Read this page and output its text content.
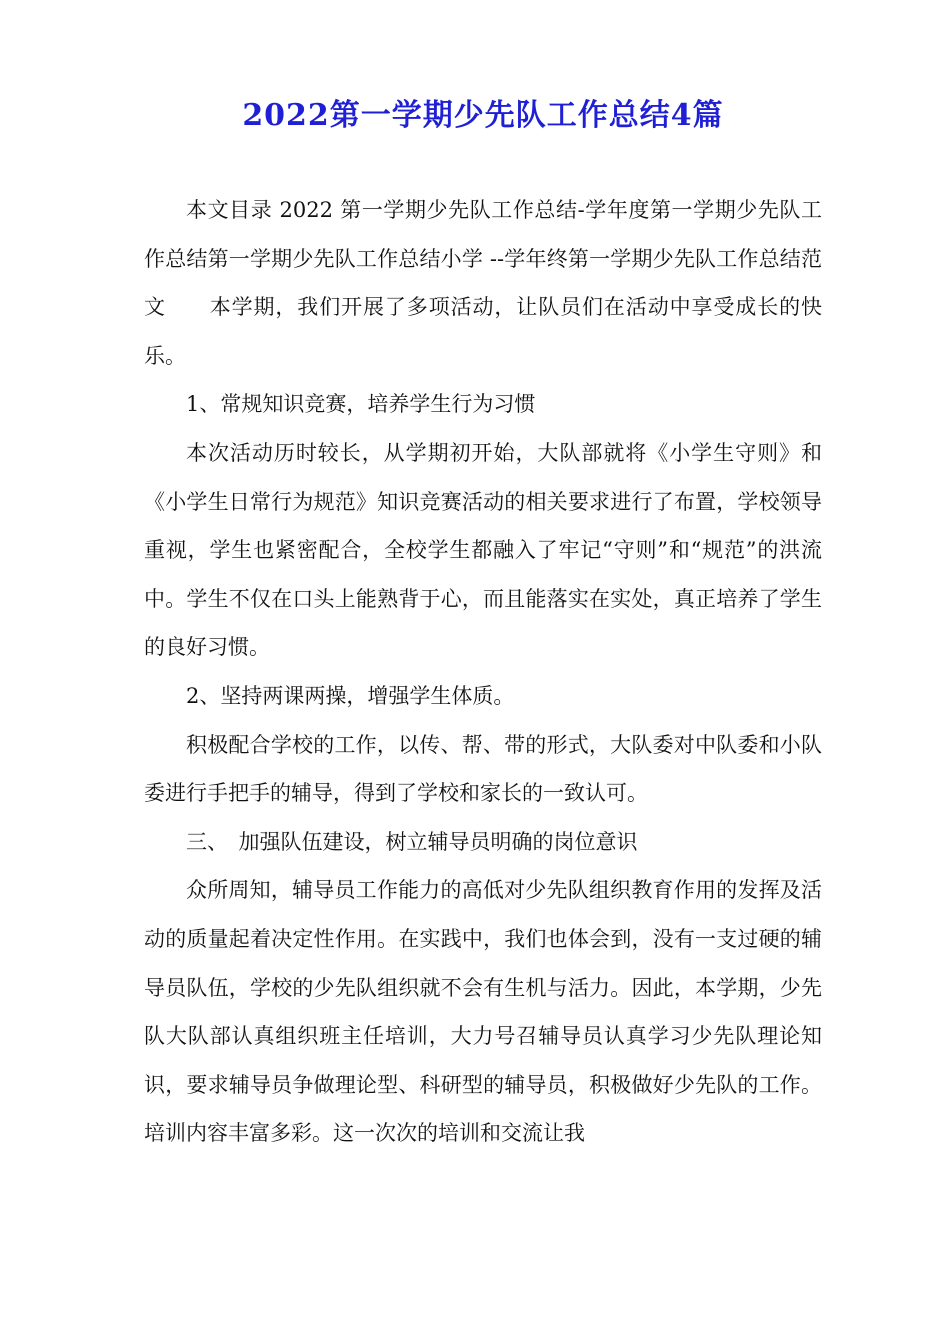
2022第一学期少先队工作总结4篇

本文目录 2022 第一学期少先队工作总结-学年度第一学期少先队工作总结第一学期少先队工作总结小学 --学年终第一学期少先队工作总结范文　　本学期，我们开展了多项活动，让队员们在活动中享受成长的快乐。

1、常规知识竞赛，培养学生行为习惯

本次活动历时较长，从学期初开始，大队部就将《小学生守则》和《小学生日常行为规范》知识竞赛活动的相关要求进行了布置，学校领导重视，学生也紧密配合，全校学生都融入了牢记“守则”和“规范”的洪流中。学生不仅在口头上能熟背于心，而且能落实在实处，真正培养了学生的良好习惯。

2、坚持两课两操，增强学生体质。

积极配合学校的工作，以传、帮、带的形式，大队委对中队委和小队委进行手把手的辅导，得到了学校和家长的一致认可。

三、　加强队伍建设，树立辅导员明确的岗位意识

众所周知，辅导员工作能力的高低对少先队组织教育作用的发挥及活动的质量起着决定性作用。在实践中，我们也体会到，没有一支过硬的辅导员队伍，学校的少先队组织就不会有生机与活力。因此，本学期，少先队大队部认真组织班主任培训，大力号召辅导员认真学习少先队理论知识，要求辅导员争做理论型、科研型的辅导员，积极做好少先队的工作。培训内容丰富多彩。这一次次的培训和交流让我
